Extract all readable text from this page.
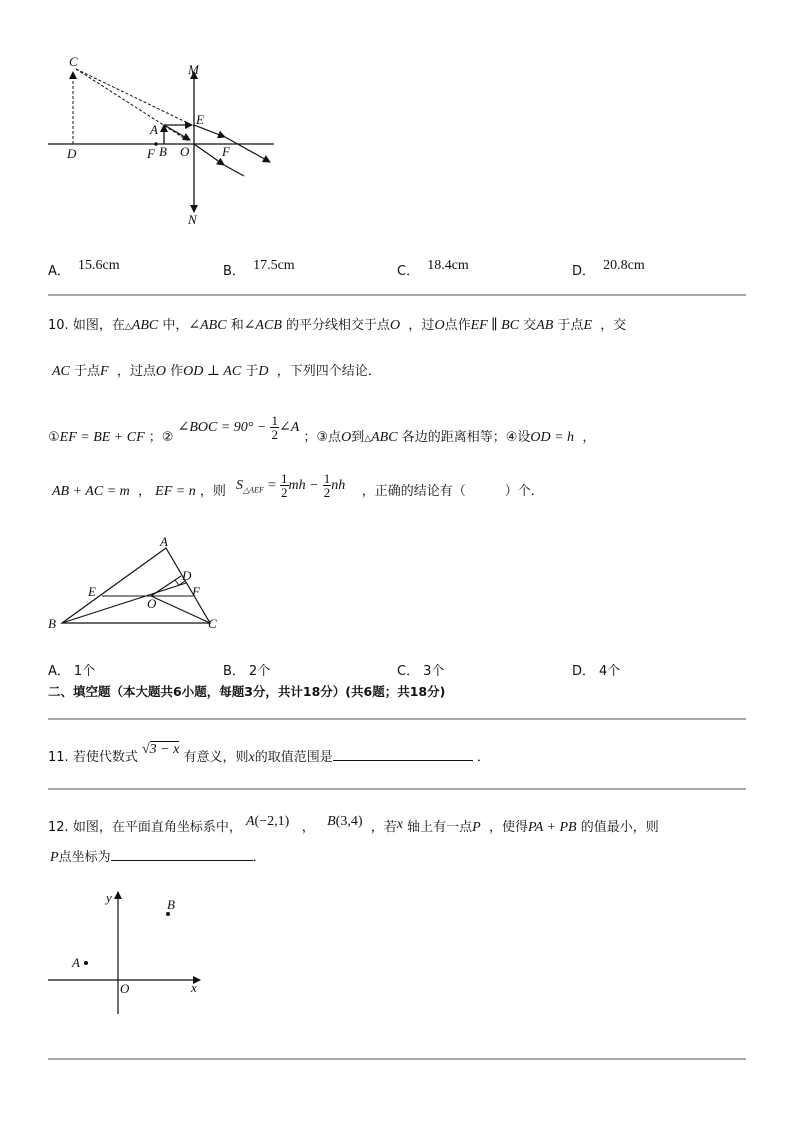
C
M
A
E
D	F B O	F
N
A． 15.6cm	B． 17.5cm	C． 18.4cm	D． 20.8cm
10. 如图，在△ABC 中，∠ABC 和∠ACB 的平分线相交于点O ，过O点作EF ∥ BC 交AB 于点E ，交
AC 于点F ，过点O 作OD ⊥ AC 于D ，下列四个结论．
①EF = BE + CF ；② ∠BOC = $90^\circ - \frac{1}{2}$ ∠A ；③点O到△ABC 各边的距离相等；④设OD = h ，
AB + AC = m ， EF = n ，则 $S_{\triangle AEF} = \frac{1}{2}$ mh − $\frac{1}{2}$ nh ，正确的结论有（　　　）个．
A
D
E	F
O
B	C
A． 1个	B． 2个	C． 3个	D． 4个
二、填空题（本大题共6小题，每题3分，共计18分）(共6题；共18分)
11. 若使代数式 √3 − x 有意义，则x的取值范围是	．
12. 如图，在平面直角坐标系中， A(−2,1) ， B(3,4) ，若x 轴上有一点P ，使得PA + PB 的值最小，则
P点坐标为	．
y	B
A
O	x
